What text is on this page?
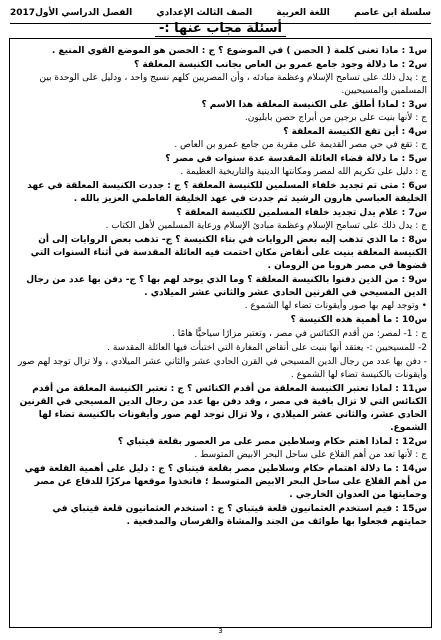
سلسلة ابن عاصم
اللغة العربية
الصف الثالث الإعدادي
الفصل الدراسي الأول2017
أسئلة مجاب عنها :-
س1 : ماذا تعنى كلمة ( الحصن ) في الموضوع ؟ ج : الحصن هو الموضع القوي المنيع .
س2 : ما دلالة وجود جامع عمرو بن العاص بجانب الكنيسة المعلقة ؟
ج : يدل ذلك على تسامح الإسلام وعظمة مبادئه ، وأن المصريين كلهم نسيج واحد ، ودليل على الوحدة بين المسلمين والمسيحيين.
س3 : لماذا أطلق على الكنيسة المعلقة هذا الاسم ؟
ج : لأنها بنيت على برجين من أبراج حصن بابليون.
س4 : أين تقع الكنيسة المعلقة ؟
ج : تقع في حي مصر القديمة على مقربة من جامع عمرو بن العاص .
س5 : ما دلالة قضاء العائلة المقدسة عدة سنوات في مصر ؟
ج : دليل على تكريم الله لمصر ومكانتها الدينية والتاريخية العظيمة .
س6 : متى تم تجديد خلفاء المسلمين للكنيسة المعلقة ؟ ج : جددت الكنيسة المعلقة في عهد الخليفة العباسي هارون الرشيد ثم جددت في عهد الخليفة الفاطمي العزيز بالله .
س7 : علام يدل تجديد خلفاء المسلمين للكنيسة المعلقة ؟
ج : يدل ذلك على تسامح الإسلام وعظمة مبادئ الإسلام ورعاية المسلمين لأهل الكتاب .
س8 : ما الذي تذهب إليه بعض الروايات في بناء الكنيسة ؟ ج- تذهب بعض الروايات إلى أن الكنيسة المعلقة بنيت على أنقاض مكان احتمت فيه العائلة المقدسة في أثناء السنوات التي قضوها في مصر هروبا من الرومان .
س9 : من الذين دفنوا بالكنيسة المعلقة ؟ وما الذي يوجد لهم بها ؟ ج- دفن بها عدد من رجال الدين المسيحي في القرنين الحادي عشر والثاني عشر الميلادي .
• وتوجد لهم بها صور وأيقونات تضاء لها الشموع .
س10 : ما أهمية هذه الكنيسة ؟
ج : 1- لمصر: من أقدم الكنائس في مصر ، وتعتبر مزارًا سياحيًّا هامًا .
2- للمسيحيين :- يعتقد أنها بنيت على أنقاض المغارة التي اختبأت فيها العائلة المقدسة .
- دفن بها عدد من رجال الدين المسيحي في القرن الحادي عشر والثاني عشر الميلادي ، ولا تزال توجد لهم صور وأيقونات بالكنيسة تضاء لها الشموع .
س11 : لماذا تعتبر الكنيسة المعلقة من أقدم الكنائس ؟ ج : تعتبر الكنيسة المعلقة من أقدم الكنائس التي لا تزال باقية في مصر ، وقد دفن بها عدد من رجال الدين المسيحي في القرنين الحادي عشر، والثاني عشر الميلادي ، ولا تزال توجد لهم صور وأيقونات بالكنيسة تضاء لها الشموع.
س12 : لماذا اهتم حكام وسلاطين مصر على مر العصور بقلعة قيتباي ؟
ج : لأنها تعد من أهم القلاع على ساحل البحر الابيض المتوسط .
س14 : ما دلالة اهتمام حكام وسلاطين مصر بقلعة قيتباي ؟ ج : دليل على أهمية القلعة فهي من أهم القلاع على ساحل البحر الابيض المتوسط ؛ فاتخذوا موقعها مركزًا للدفاع عن مصر وحمايتها من العدوان الخارجي .
س15 : فيم استخدم العثمانيون قلعة قيتباي ؟ ج : استخدم العثمانيون قلعة قيتباي في حمايتهم فجعلوا بها طوائف من الجند والمشاة والفرسان والمدفعية .
3
